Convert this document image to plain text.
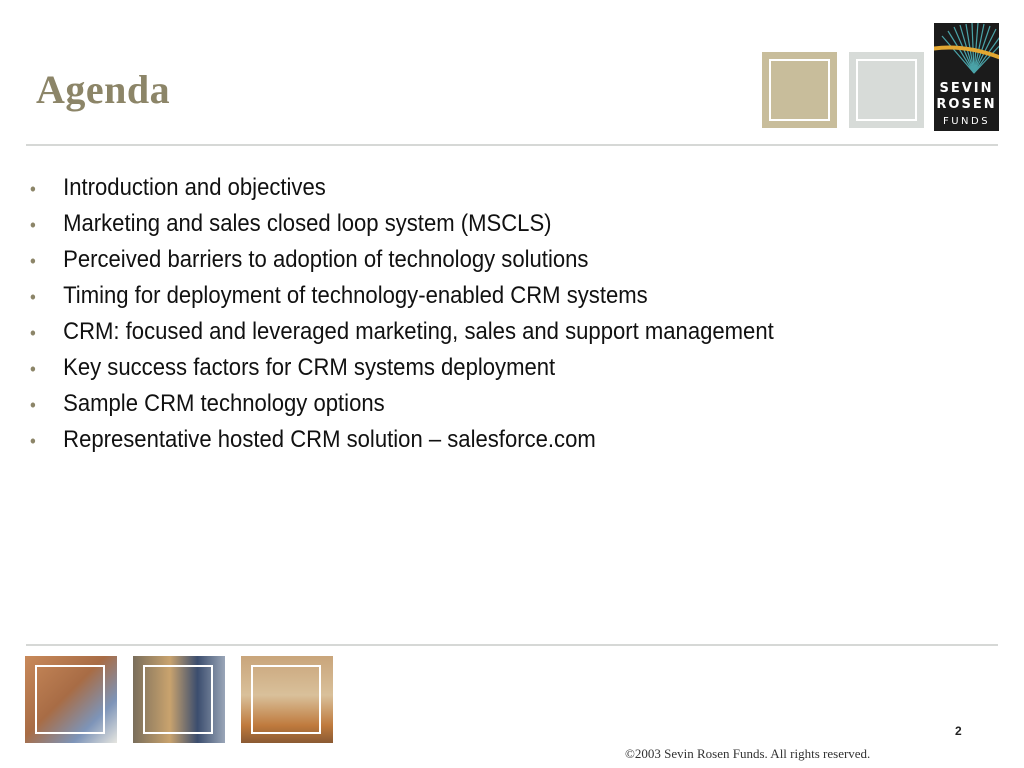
Agenda	SEVIN
ROSEN
FUNDS
•	Introduction and objectives
•	Marketing and sales closed loop system (MSCLS)
•	Perceived barriers to adoption of technology solutions
•	Timing for deployment of technology-enabled CRM systems
•	CRM: focused and leveraged marketing, sales and support management
•	Key success factors for CRM systems deployment
•	Sample CRM technology options
•	Representative hosted CRM solution – salesforce.com
2
©2003 Sevin Rosen Funds. All rights reserved.
